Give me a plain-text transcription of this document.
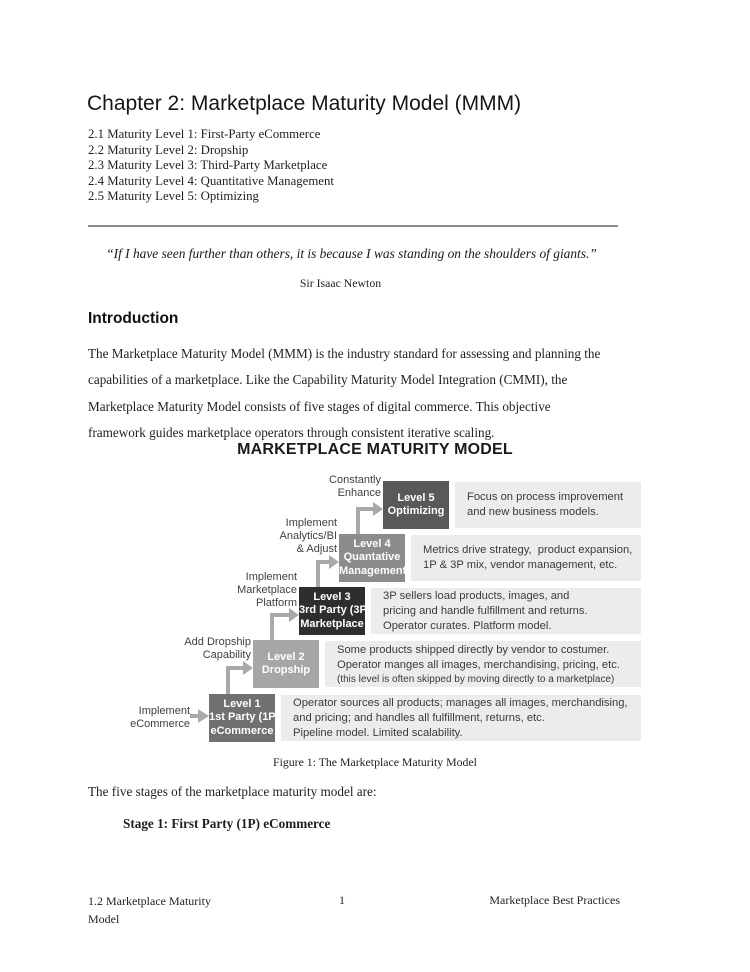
Chapter 2: Marketplace Maturity Model (MMM)
2.1 Maturity Level 1: First-Party eCommerce
2.2 Maturity Level 2: Dropship
2.3 Maturity Level 3: Third-Party Marketplace
2.4 Maturity Level 4: Quantitative Management
2.5 Maturity Level 5: Optimizing
“If I have seen further than others, it is because I was standing on the shoulders of giants.”
Sir Isaac Newton
Introduction
The Marketplace Maturity Model (MMM) is the industry standard for assessing and planning the
capabilities of a marketplace. Like the Capability Maturity Model Integration (CMMI), the
Marketplace Maturity Model consists of five stages of digital commerce. This objective
framework guides marketplace operators through consistent iterative scaling.
MARKETPLACE MATURITY MODEL
Level 5
Optimizing
Focus on process improvement
and new business models.
Constantly
Enhance
Level 4
Quantative
Management
Metrics drive strategy,  product expansion,
1P & 3P mix, vendor management, etc.
Implement
Analytics/BI
& Adjust
Level 3
3rd Party (3P)
Marketplace
3P sellers load products, images, and
pricing and handle fulfillment and returns.
Operator curates. Platform model.
Implement
Marketplace
Platform
Level 2
Dropship
Some products shipped directly by vendor to costumer.
Operator manges all images, merchandising, pricing, etc.
(this level is often skipped by moving directly to a marketplace)
Add Dropship
Capability
Level 1
1st Party (1P)
eCommerce
Operator sources all products; manages all images, merchandising,
and pricing; and handles all fulfillment, returns, etc.
Pipeline model. Limited scalability.
Implement
eCommerce
Figure 1: The Marketplace Maturity Model
The five stages of the marketplace maturity model are:
Stage 1: First Party (1P) eCommerce
1.2 Marketplace Maturity
Model
1	Marketplace Best Practices
